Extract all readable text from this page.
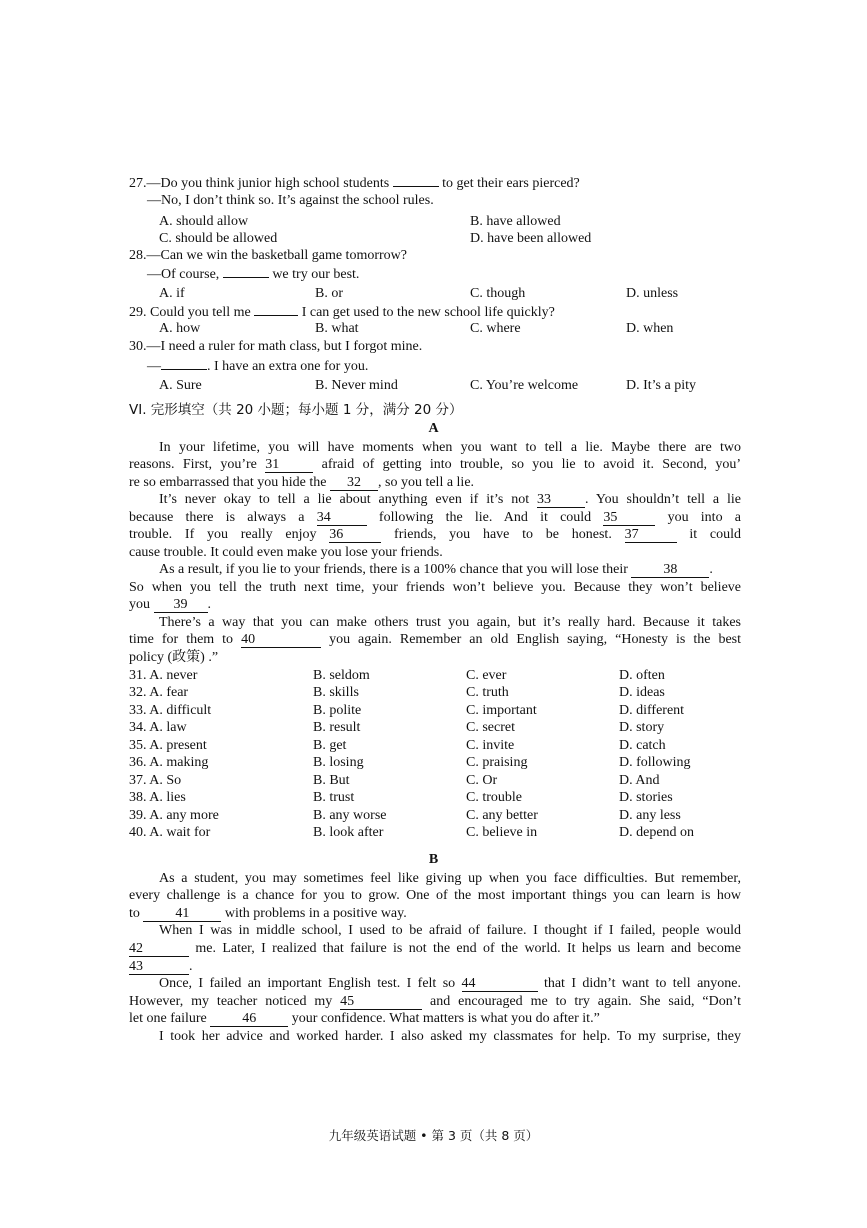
27.—Do you think junior high school students	to get their ears pierced?
—No, I don’t think so. It’s against the school rules.
A. should allow	B. have allowed
C. should be allowed	D. have been allowed
28.—Can we win the basketball game tomorrow?
—Of course,	we try our best.
A. if	B. or	C. though	D. unless
29. Could you tell me	I can get used to the new school life quickly?
A. how	B. what	C. where	D. when
30.—I need a ruler for math class, but I forgot mine.
—	. I have an extra one for you.
A. Sure	B. Never mind	C. You’re welcome	D. It’s a pity
VI. 完形填空（共 20 小题；每小题 1 分，满分 20 分）
A
In your lifetime, you will have moments when you want to tell a lie. Maybe there are two
reasons. First, you’re 31	afraid of getting into trouble, so you lie to avoid it. Second, you’
re so embarrassed that you hide the 32 , so you tell a lie.
It’s never okay to tell a lie about anything even if it’s not 33 . You shouldn’t tell a lie
because there is always a 34	following the lie. And it could 35	you into a
trouble. If you really enjoy 36	friends, you have to be honest. 37	it could
cause trouble. It could even make you lose your friends.
As a result, if you lie to your friends, there is a 100% chance that you will lose their	38 .
So when you tell the truth next time, your friends won’t believe you. Because they won’t believe
you 39 .
There’s a way that you can make others trust you again, but it’s really hard. Because it takes
time for them to 40	you again. Remember an old English saying, “Honesty is the best
policy (政策) .”
31. A. never	B. seldom	C. ever	D. often
32. A. fear	B. skills	C. truth	D. ideas
33. A. difficult	B. polite	C. important	D. different
34. A. law	B. result	C. secret	D. story
35. A. present	B. get	C. invite	D. catch
36. A. making	B. losing	C. praising	D. following
37. A. So	B. But	C. Or	D. And
38. A. lies	B. trust	C. trouble	D. stories
39. A. any more	B. any worse	C. any better	D. any less
40. A. wait for	B. look after	C. believe in	D. depend on
B
As a student, you may sometimes feel like giving up when you face difficulties. But remember,
every challenge is a chance for you to grow. One of the most important things you can learn is how
to	41	with problems in a positive way.
When I was in middle school, I used to be afraid of failure. I thought if I failed, people would
42	me. Later, I realized that failure is not the end of the world. It helps us learn and become
43	.
Once, I failed an important English test. I felt so 44	that I didn’t want to tell anyone.
However, my teacher noticed my 45	and encouraged me to try again. She said, “Don’t
let one failure	46	your confidence. What matters is what you do after it.”
I took her advice and worked harder. I also asked my classmates for help. To my surprise, they
九年级英语试题 • 第 3 页（共 8 页）
